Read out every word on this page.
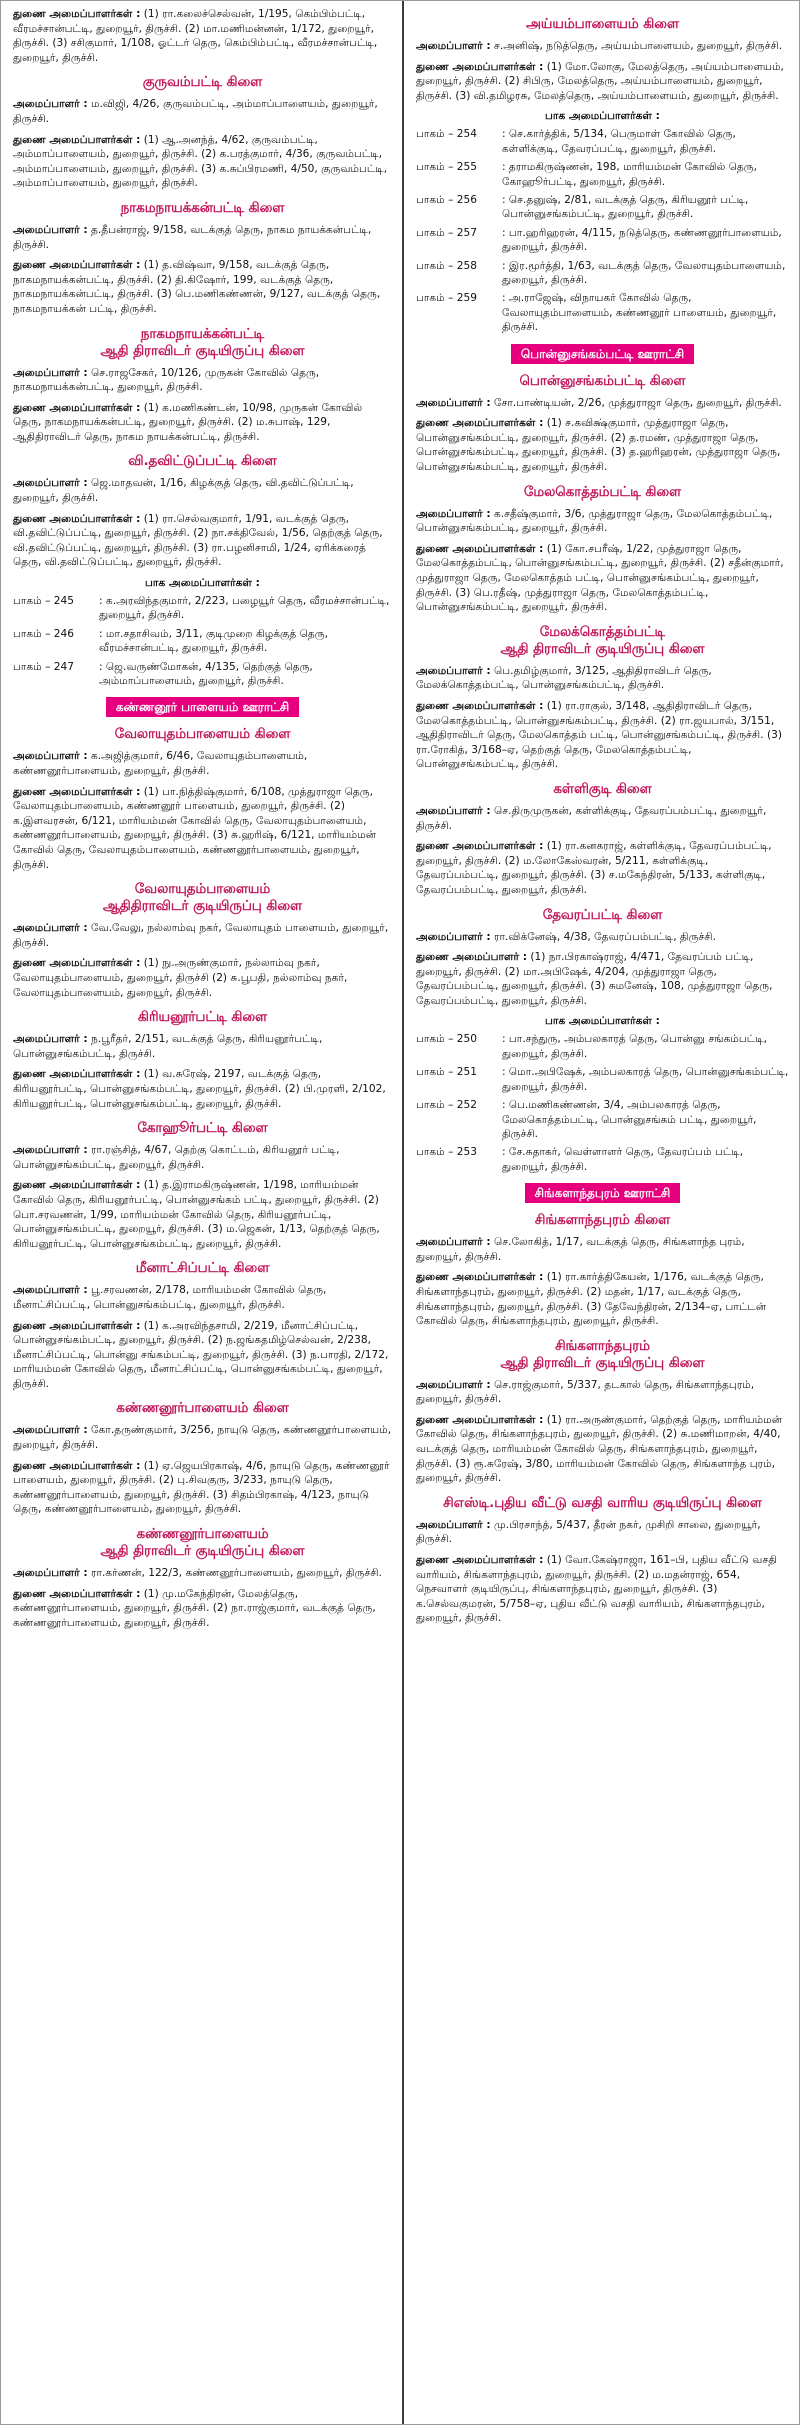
துணை அமைப்பாளர்கள் : (1) ரா.கலைச்செல்வன், 1/195, கெம்பிம்பட்டி, வீரமச்சான்பட்டி, துறையூர், திருச்சி. (2) மா.மணிமன்னன், 1/172, துறையூர், திருச்சி. (3) சசிகுமார், 1/108, ஓட்டர் தெரு, கெம்பிம்பட்டி, வீரமச்சான்பட்டி, துறையூர், திருச்சி.

குருவம்பட்டி கிளை

அமைப்பாளர் : ம.விஜி, 4/26, குருவம்பட்டி, அம்மாப்பாளையம், துறையூர், திருச்சி.

துணை அமைப்பாளர்கள் : (1) ஆ.அனந்த், 4/62, குருவம்பட்டி, அம்மாப்பாளையம், துறையூர், திருச்சி. (2) க.பரத்குமார், 4/36, குருவம்பட்டி, அம்மாப்பாளையம், துறையூர், திருச்சி. (3) க.சுப்பிரமணி, 4/50, குருவம்பட்டி, அம்மாப்பாளையம், துறையூர், திருச்சி.

நாகமநாயக்கன்பட்டி கிளை

அமைப்பாளர் : த.தீபன்ராஜ், 9/158, வடக்குத் தெரு, நாகம நாயக்கன்பட்டி, திருச்சி.

துணை அமைப்பாளர்கள் : (1) த.விஷ்வா, 9/158, வடக்குத் தெரு, நாகமநாயக்கன்பட்டி, திருச்சி. (2) தி.கிஷோர், 199, வடக்குத் தெரு, நாகமநாயக்கன்பட்டி, திருச்சி. (3) பெ.மணிகண்ணன், 9/127, வடக்குத் தெரு, நாகமநாயக்கன் பட்டி, திருச்சி.

நாகமநாயக்கன்பட்டி
ஆதி திராவிடர் குடியிருப்பு கிளை

அமைப்பாளர் : செ.ராஜசேகர், 10/126, முருகன் கோவில் தெரு, நாகமநாயக்கன்பட்டி, துறையூர், திருச்சி.

துணை அமைப்பாளர்கள் : (1) க.மணிகண்டன், 10/98, முருகன் கோவில் தெரு, நாகமநாயக்கன்பட்டி, துறையூர், திருச்சி. (2) ம.சுபாஷ், 129, ஆதிதிராவிடர் தெரு, நாகம நாயக்கன்பட்டி, திருச்சி.

வி.தவிட்டுப்பட்டி கிளை

அமைப்பாளர் : ஜெ.மாதவன், 1/16, கிழக்குத் தெரு, வி.தவிட்டுப்பட்டி, துறையூர், திருச்சி.

துணை அமைப்பாளர்கள் : (1) ரா.செல்வகுமார், 1/91, வடக்குத் தெரு, வி.தவிட்டுப்பட்டி, துறையூர், திருச்சி. (2) நா.சக்திவேல், 1/56, தெற்குத் தெரு, வி.தவிட்டுப்பட்டி, துறையூர், திருச்சி. (3) ரா.பழனிசாமி, 1/24, ஏரிக்கரைத் தெரு, வி.தவிட்டுப்பட்டி, துறையூர், திருச்சி.

பாக அமைப்பாளர்கள் :
பாகம் – 245	: க.அரவிந்தகுமார், 2/223, பழையூர் தெரு, வீரமச்சான்பட்டி, துறையூர், திருச்சி.
பாகம் – 246	: மா.சதாசிவம், 3/11, குடிமுறை கிழக்குத் தெரு, வீரமச்சான்பட்டி, துறையூர், திருச்சி.
பாகம் – 247	: ஜெ.வருண்மோகன், 4/135, தெற்குத் தெரு, அம்மாப்பாளையம், துறையூர், திருச்சி.
கண்ணனூர் பாளையம் ஊராட்சி
வேலாயுதம்பாளையம் கிளை

அமைப்பாளர் : க.அஜித்குமார், 6/46, வேலாயுதம்பாளையம், கண்ணனூர்பாளையம், துறையூர், திருச்சி.

துணை அமைப்பாளர்கள் : (1) பா.நித்திஷ்குமார், 6/108, முத்துராஜா தெரு, வேலாயுதம்பாளையம், கண்ணனூர் பாளையம், துறையூர், திருச்சி. (2) க.இளவரசன், 6/121, மாரியம்மன் கோவில் தெரு, வேலாயுதம்பாளையம், கண்ணனூர்பாளையம், துறையூர், திருச்சி. (3) சு.ஹரிஷ், 6/121, மாரியம்மன் கோவில் தெரு, வேலாயுதம்பாளையம், கண்ணனூர்பாளையம், துறையூர், திருச்சி.

வேலாயுதம்பாளையம்
ஆதிதிராவிடர் குடியிருப்பு கிளை

அமைப்பாளர் : வே.வேலு, நல்லாம்வு நகர், வேலாயுதம் பாளையம், துறையூர், திருச்சி.

துணை அமைப்பாளர்கள் : (1) நு.அருண்குமார், நல்லாம்வு நகர், வேலாயுதம்பாளையம், துறையூர், திருச்சி (2) சு.பூபதி, நல்லாம்வு நகர், வேலாயுதம்பாளையம், துறையூர், திருச்சி.

கிரியனூர்பட்டி கிளை

அமைப்பாளர் : ந.பூரீதர், 2/151, வடக்குத் தெரு, கிரியனூர்பட்டி, பொன்னுசங்கம்பட்டி, திருச்சி.

துணை அமைப்பாளர்கள் : (1) வ.சுரேஷ், 2197, வடக்குத் தெரு, கிரியனூர்பட்டி, பொன்னுசங்கம்பட்டி, துறையூர், திருச்சி. (2) பி.முரளி, 2/102, கிரியனூர்பட்டி, பொன்னுசங்கம்பட்டி, துறையூர், திருச்சி.

கோஹூர்பட்டி கிளை

அமைப்பாளர் : ரா.ரஞ்சித், 4/67, தெற்கு கொட்டம், கிரியனூர் பட்டி, பொன்னுசங்கம்பட்டி, துறையூர், திருச்சி.

துணை அமைப்பாளர்கள் : (1) த.இராமகிருஷ்ணன், 1/198, மாரியம்மன் கோவில் தெரு, கிரியனூர்பட்டி, பொன்னுசங்கம் பட்டி, துறையூர், திருச்சி. (2) பொ.சரவணன், 1/99, மாரியம்மன் கோவில் தெரு, கிரியனூர்பட்டி, பொன்னுசங்கம்பட்டி, துறையூர், திருச்சி. (3) ம.ஜெகன், 1/13, தெற்குத் தெரு, கிரியனூர்பட்டி, பொன்னுசங்கம்பட்டி, துறையூர், திருச்சி.

மீனாட்சிப்பட்டி கிளை

அமைப்பாளர் : பூ.சரவணன், 2/178, மாரியம்மன் கோவில் தெரு, மீனாட்சிப்பட்டி, பொன்னுசங்கம்பட்டி, துறையூர், திருச்சி.

துணை அமைப்பாளர்கள் : (1) க.அரவிந்தசாமி, 2/219, மீனாட்சிப்பட்டி, பொன்னுசங்கம்பட்டி, துறையூர், திருச்சி. (2) ந.ஜங்கதமிழ்செல்வன், 2/238, மீனாட்சிப்பட்டி, பொன்னு சங்கம்பட்டி, துறையூர், திருச்சி. (3) ந.பாரதி, 2/172, மாரியம்மன் கோவில் தெரு, மீனாட்சிப்பட்டி, பொன்னுசங்கம்பட்டி, துறையூர், திருச்சி.

கண்ணனூர்பாளையம் கிளை

அமைப்பாளர் : கோ.தருண்குமார், 3/256, நாயுடு தெரு, கண்ணனூர்பாளையம், துறையூர், திருச்சி.

துணை அமைப்பாளர்கள் : (1) ஏ.ஜெயபிரகாஷ், 4/6, நாயுடு தெரு, கண்ணனூர் பாளையம், துறையூர், திருச்சி. (2) பு.சிவகுரு, 3/233, நாயுடு தெரு, கண்ணனூர்பாளையம், துறையூர், திருச்சி. (3) சிதம்பிரகாஷ், 4/123, நாயுடு தெரு, கண்ணனூர்பாளையம், துறையூர், திருச்சி.

கண்ணனூர்பாளையம்
ஆதி திராவிடர் குடியிருப்பு கிளை

அமைப்பாளர் : ரா.கர்ணன், 122/3, கண்ணனூர்பாளையம், துறையூர், திருச்சி.

துணை அமைப்பாளர்கள் : (1) மு.மகேந்திரன், மேலத்தெரு, கண்ணனூர்பாளையம், துறையூர், திருச்சி. (2) நா.ராஜ்குமார், வடக்குத் தெரு, கண்ணனூர்பாளையம், துறையூர், திருச்சி.

அய்யம்பாளையம் கிளை

அமைப்பாளர் : ச.அனிஷ், நடுத்தெரு, அய்யம்பாளையம், துறையூர், திருச்சி.

துணை அமைப்பாளர்கள் : (1) மோ.லோகு, மேலத்தெரு, அய்யம்பாளையம், துறையூர், திருச்சி. (2) சிபிரு, மேலத்தெரு, அய்யம்பாளையம், துறையூர், திருச்சி. (3) வி.தமிழரசு, மேலத்தெரு, அய்யம்பாளையம், துறையூர், திருச்சி.

பாக அமைப்பாளர்கள் :
பாகம் – 254	: செ.கார்த்திக், 5/134, பெருமாள் கோவில் தெரு, கள்ளிக்குடி, தேவரப்பட்டி, துறையூர், திருச்சி.
பாகம் – 255	: தராமகிருஷ்ணன், 198, மாரியம்மன் கோவில் தெரு, கோஹூர்பட்டி, துறையூர், திருச்சி.
பாகம் – 256	: செ.தனுஷ், 2/81, வடக்குத் தெரு, கிரியனூர் பட்டி, பொன்னுசங்கம்பட்டி, துறையூர், திருச்சி.
பாகம் – 257	: பா.ஹரிஹரன், 4/115, நடுத்தெரு, கண்ணனூர்பாளையம், துறையூர், திருச்சி.
பாகம் – 258	: இர.மூர்த்தி, 1/63, வடக்குத் தெரு, வேலாயுதம்பாளையம், துறையூர், திருச்சி.
பாகம் – 259	: அ.ராஜேஷ், விநாயகர் கோவில் தெரு, வேலாயுதம்பாளையம், கண்ணனூர் பாளையம், துறையூர், திருச்சி.
பொன்னுசங்கம்பட்டி ஊராட்சி
பொன்னுசங்கம்பட்டி கிளை

அமைப்பாளர் : சோ.பாண்டியன், 2/26, முத்துராஜா தெரு, துறையூர், திருச்சி.

துணை அமைப்பாளர்கள் : (1) ச.கவிக்ஷ்குமார், முத்துராஜா தெரு, பொன்னுசங்கம்பட்டி, துறையூர், திருச்சி. (2) த.ரமண், முத்துராஜா தெரு, பொன்னுசங்கம்பட்டி, துறையூர், திருச்சி. (3) த.ஹரிஹரன், முத்துராஜா தெரு, பொன்னுசங்கம்பட்டி, துறையூர், திருச்சி.

மேலகொத்தம்பட்டி கிளை

அமைப்பாளர் : க.சதீஷ்குமார், 3/6, முத்துராஜா தெரு, மேலகொத்தம்பட்டி, பொன்னுசங்கம்பட்டி, துறையூர், திருச்சி.

துணை அமைப்பாளர்கள் : (1) கோ.சபரீஷ், 1/22, முத்துராஜா தெரு, மேலகொத்தம்பட்டி, பொன்னுசங்கம்பட்டி, துறையூர், திருச்சி. (2) சதீன்குமார், முத்துராஜா தெரு, மேலகொத்தம் பட்டி, பொன்னுசங்கம்பட்டி, துறையூர், திருச்சி. (3) பெ.ரதீஷ், முத்துராஜா தெரு, மேலகொத்தம்பட்டி, பொன்னுசங்கம்பட்டி, துறையூர், திருச்சி.

மேலக்கொத்தம்பட்டி
ஆதி திராவிடர் குடியிருப்பு கிளை

அமைப்பாளர் : பெ.தமிழ்குமார், 3/125, ஆதிதிராவிடர் தெரு, மேலக்கொத்தம்பட்டி, பொன்னுசங்கம்பட்டி, திருச்சி.

துணை அமைப்பாளர்கள் : (1) ரா.ராகுல், 3/148, ஆதிதிராவிடர் தெரு, மேலகொத்தம்பட்டி, பொன்னுசங்கம்பட்டி, திருச்சி. (2) ரா.ஜயபால், 3/151, ஆதிதிராவிடர் தெரு, மேலகொத்தம் பட்டி, பொன்னுசங்கம்பட்டி, திருச்சி. (3) ரா.ரோகித், 3/168–ஏ, தெற்குத் தெரு, மேலகொத்தம்பட்டி, பொன்னுசங்கம்பட்டி, திருச்சி.

கள்ளிகுடி கிளை

அமைப்பாளர் : செ.திருமுருகன், கள்ளிக்குடி, தேவரப்பம்பட்டி, துறையூர், திருச்சி.

துணை அமைப்பாளர்கள் : (1) ரா.கனகராஜ், கள்ளிக்குடி, தேவரப்பம்பட்டி, துறையூர், திருச்சி. (2) ம.லோகேஸ்வரன், 5/211, கள்ளிக்குடி, தேவரப்பம்பட்டி, துறையூர், திருச்சி. (3) ச.மகேந்திரன், 5/133, கள்ளிகுடி, தேவரப்பம்பட்டி, துறையூர், திருச்சி.

தேவரப்பட்டி கிளை

அமைப்பாளர் : ரா.விக்னேஷ், 4/38, தேவரப்பம்பட்டி, திருச்சி.

துணை அமைப்பாளர் : (1) நா.பிரகாஷ்ராஜ், 4/471, தேவரப்பம் பட்டி, துறையூர், திருச்சி. (2) மா.அபிஷேக், 4/204, முத்துராஜா தெரு, தேவரப்பம்பட்டி, துறையூர், திருச்சி. (3) சுமனேஷ், 108, முத்துராஜா தெரு, தேவரப்பம்பட்டி, துறையூர், திருச்சி.

பாக அமைப்பாளர்கள் :
பாகம் – 250	: பா.சந்துரு, அம்பலகாரத் தெரு, பொன்னு சங்கம்பட்டி, துறையூர், திருச்சி.
பாகம் – 251	: மொ.அபிஷேக், அம்பலகாரத் தெரு, பொன்னுசங்கம்பட்டி, துறையூர், திருச்சி.
பாகம் – 252	: பெ.மணிகண்ணன், 3/4, அம்பலகாரத் தெரு, மேலகொத்தம்பட்டி, பொன்னுசங்கம் பட்டி, துறையூர், திருச்சி.
பாகம் – 253	: சே.சுதாகர், வெள்ளாளர் தெரு, தேவரப்பம் பட்டி, துறையூர், திருச்சி.
சிங்களாந்தபுரம் ஊராட்சி
சிங்களாந்தபுரம் கிளை

அமைப்பாளர் : செ.லோகித், 1/17, வடக்குத் தெரு, சிங்களாந்த புரம், துறையூர், திருச்சி.

துணை அமைப்பாளர்கள் : (1) ரா.கார்த்திகேயன், 1/176, வடக்குத் தெரு, சிங்களாந்தபுரம், துறையூர், திருச்சி. (2) மதன், 1/17, வடக்குத் தெரு, சிங்களாந்தபுரம், துறையூர், திருச்சி. (3) தேவேந்திரன், 2/134–ஏ, பாட்டன் கோவில் தெரு, சிங்களாந்தபுரம், துறையூர், திருச்சி.

சிங்களாந்தபுரம்
ஆதி திராவிடர் குடியிருப்பு கிளை

அமைப்பாளர் : செ.ராஜ்குமார், 5/337, தடகால் தெரு, சிங்களாந்தபுரம், துறையூர், திருச்சி.

துணை அமைப்பாளர்கள் : (1) ரா.அருண்குமார், தெற்குத் தெரு, மாரியம்மன் கோவில் தெரு, சிங்களாந்தபுரம், துறையூர், திருச்சி. (2) சு.மணிமாறன், 4/40, வடக்குத் தெரு, மாரியம்மன் கோவில் தெரு, சிங்களாந்தபுரம், துறையூர், திருச்சி. (3) ரூ.சுரேஷ், 3/80, மாரியம்மன் கோவில் தெரு, சிங்களாந்த புரம், துறையூர், திருச்சி.

சிஎஸ்டி.புதிய வீட்டு வசதி வாரிய குடியிருப்பு கிளை

அமைப்பாளர் : மு.பிரசாந்த், 5/437, தீரன் நகர், முசிறி சாலை, துறையூர், திருச்சி.

துணை அமைப்பாளர்கள் : (1) வோ.கேஷ்ராஜா, 161–பி, புதிய வீட்டு வசதி வாரியம், சிங்களாந்தபுரம், துறையூர், திருச்சி. (2) ம.மதன்ராஜ், 654, நெசவாளர் குடியிருப்பு, சிங்களாந்தபுரம், துறையூர், திருச்சி. (3) க.செல்வகுமரன், 5/758–ஏ, புதிய வீட்டு வசதி வாரியம், சிங்களாந்தபுரம், துறையூர், திருச்சி.
